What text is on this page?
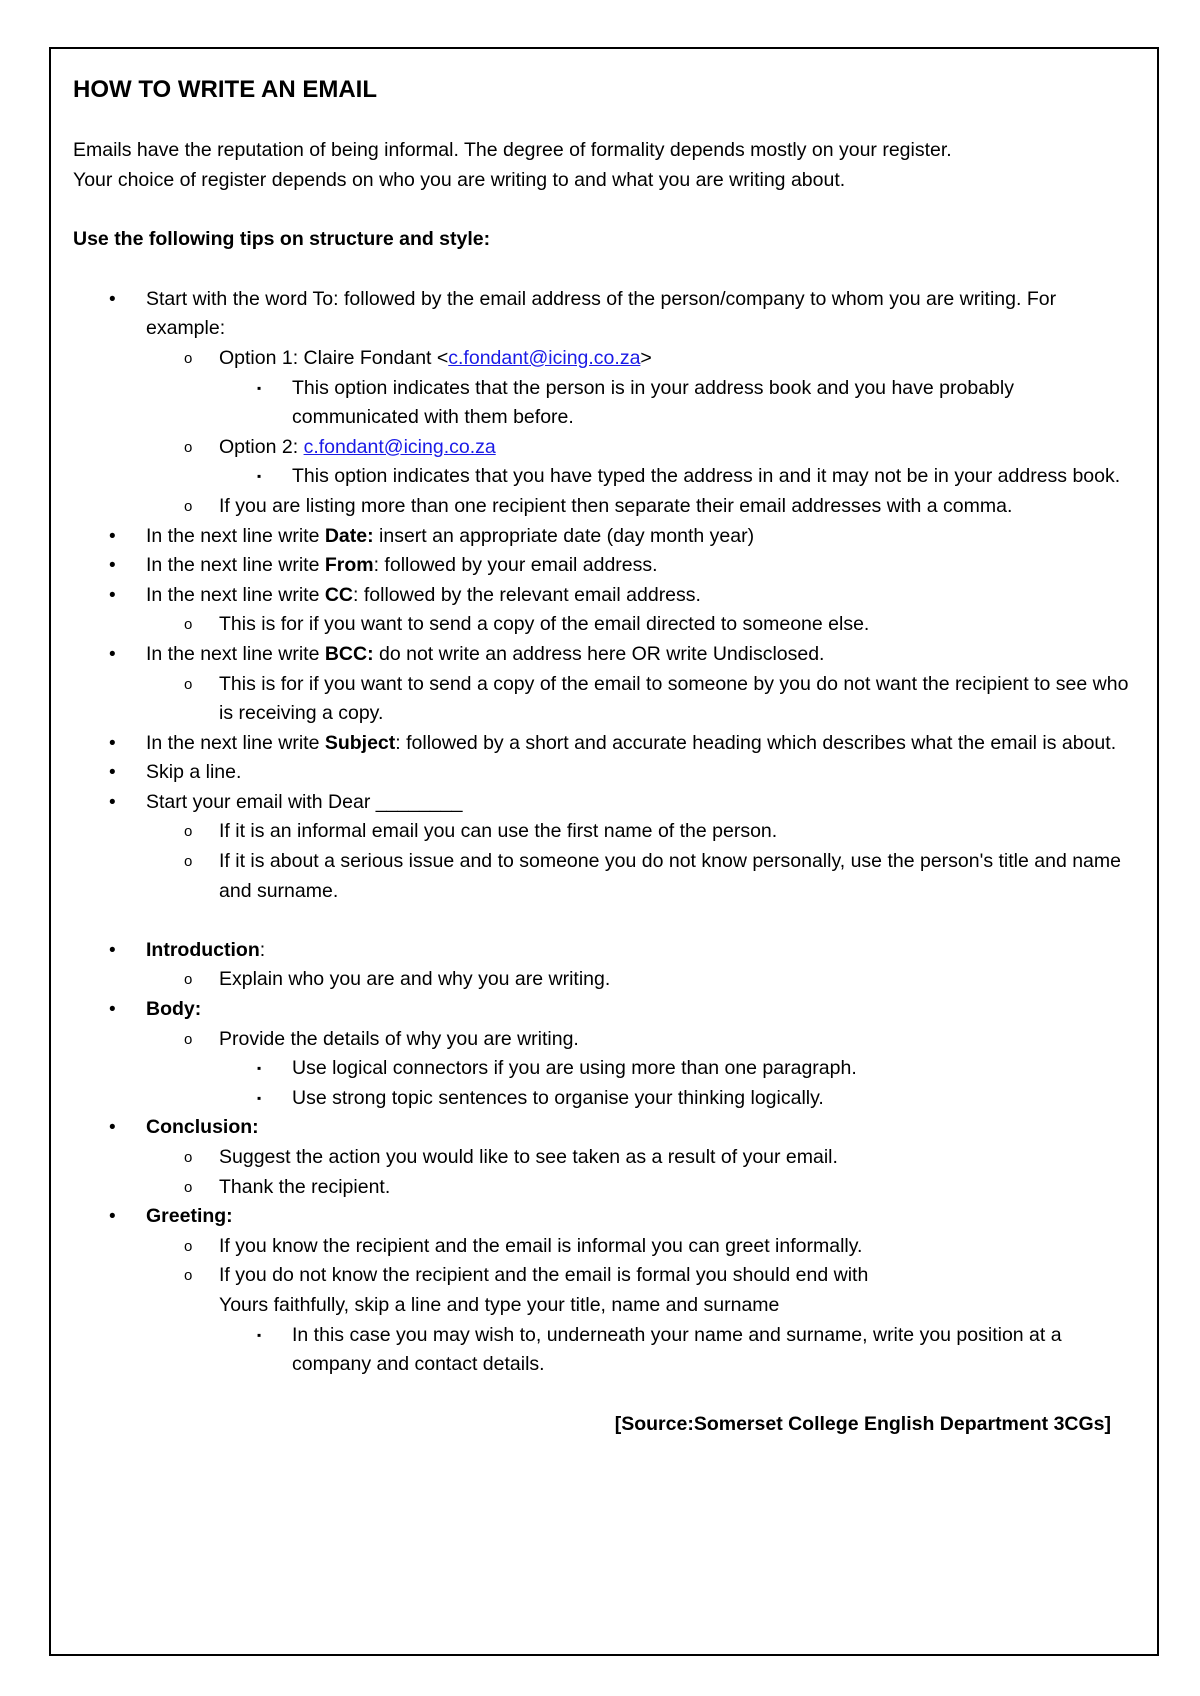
HOW TO WRITE AN EMAIL

Emails have the reputation of being informal. The degree of formality depends mostly on your register.

Your choice of register depends on who you are writing to and what you are writing about.

Use the following tips on structure and style:

• Start with the word To: followed by the email address of the person/company to whom you are writing. For example:
o Option 1: Claire Fondant <c.fondant@icing.co.za>
▪ This option indicates that the person is in your address book and you have probably communicated with them before.
o Option 2: c.fondant@icing.co.za
▪ This option indicates that you have typed the address in and it may not be in your address book.
o If you are listing more than one recipient then separate their email addresses with a comma.
• In the next line write Date: insert an appropriate date (day month year)
• In the next line write From: followed by your email address.
• In the next line write CC: followed by the relevant email address.
o This is for if you want to send a copy of the email directed to someone else.
• In the next line write BCC: do not write an address here OR write Undisclosed.
o This is for if you want to send a copy of the email to someone by you do not want the recipient to see who is receiving a copy.
• In the next line write Subject: followed by a short and accurate heading which describes what the email is about.
• Skip a line.
• Start your email with Dear ________
o If it is an informal email you can use the first name of the person.
o If it is about a serious issue and to someone you do not know personally, use the person's title and name and surname.
• Introduction:
o Explain who you are and why you are writing.
• Body:
o Provide the details of why you are writing.
▪ Use logical connectors if you are using more than one paragraph.
▪ Use strong topic sentences to organise your thinking logically.
• Conclusion:
o Suggest the action you would like to see taken as a result of your email.
o Thank the recipient.
• Greeting:
o If you know the recipient and the email is informal you can greet informally.
o If you do not know the recipient and the email is formal you should end with
Yours faithfully, skip a line and type your title, name and surname
▪ In this case you may wish to, underneath your name and surname, write you position at a company and contact details.
[Source:Somerset College English Department 3CGs]
